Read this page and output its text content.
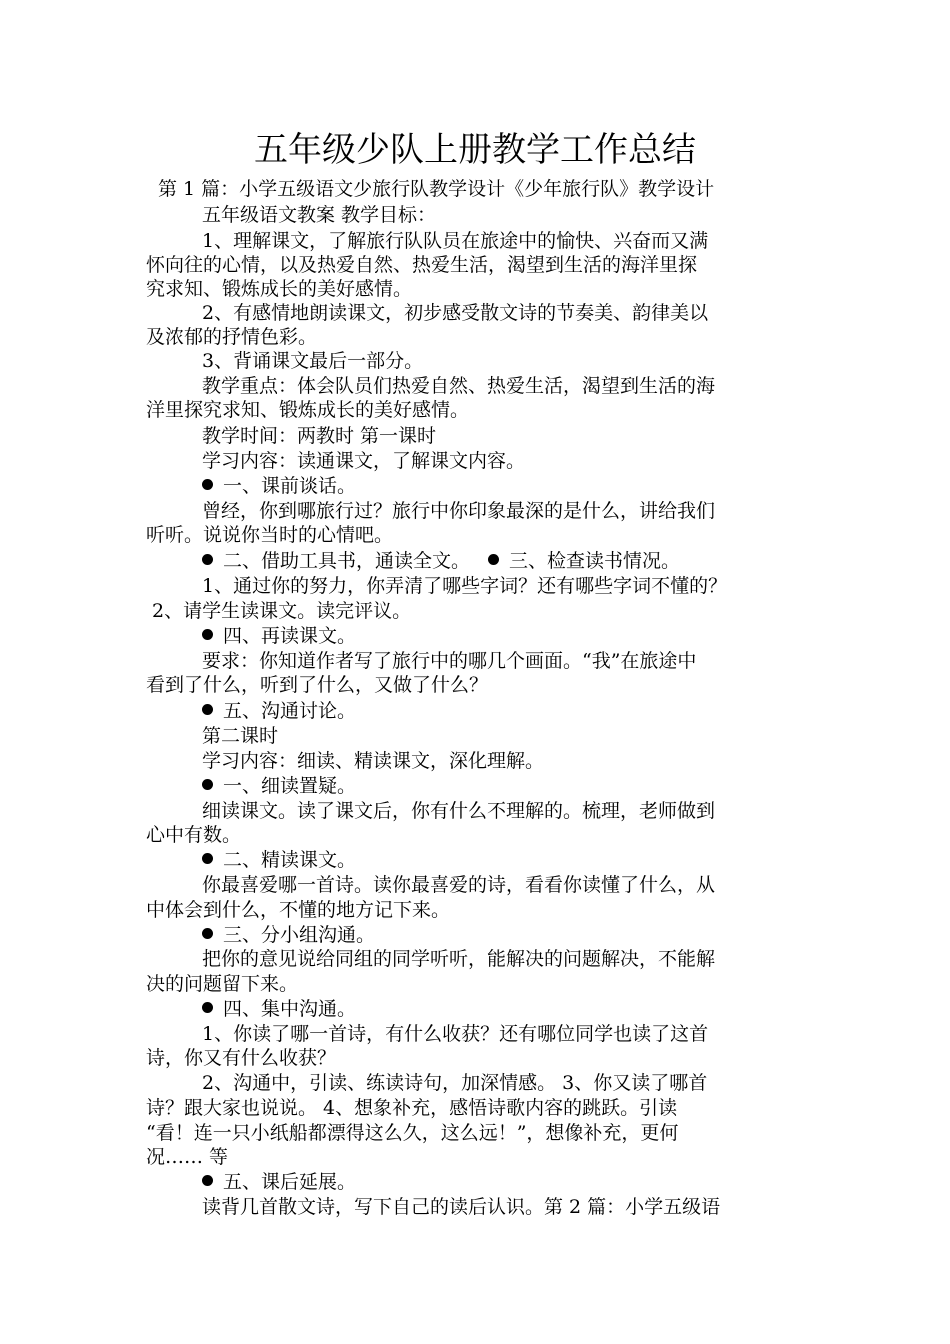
五年级少队上册教学工作总结
第 1 篇：小学五级语文少旅行队教学设计《少年旅行队》教学设计
五年级语文教案 教学目标：
1、理解课文，了解旅行队队员在旅途中的愉快、兴奋而又满
怀向往的心情，以及热爱自然、热爱生活，渴望到生活的海洋里探
究求知、锻炼成长的美好感情。
2、有感情地朗读课文，初步感受散文诗的节奏美、韵律美以
及浓郁的抒情色彩。
3、背诵课文最后一部分。
教学重点：体会队员们热爱自然、热爱生活，渴望到生活的海
洋里探究求知、锻炼成长的美好感情。
教学时间：两教时 第一课时
学习内容：读通课文，了解课文内容。
一、课前谈话。
曾经，你到哪旅行过？旅行中你印象最深的是什么，讲给我们
听听。说说你当时的心情吧。
二、借助工具书，通读全文。 三、检查读书情况。
1、通过你的努力，你弄清了哪些字词？还有哪些字词不懂的？
2、请学生读课文。读完评议。
四、再读课文。
要求：你知道作者写了旅行中的哪几个画面。“我”在旅途中
看到了什么，听到了什么，又做了什么？
五、沟通讨论。
第二课时
学习内容：细读、精读课文，深化理解。
一、细读置疑。
细读课文。读了课文后，你有什么不理解的。梳理，老师做到
心中有数。
二、精读课文。
你最喜爱哪一首诗。读你最喜爱的诗，看看你读懂了什么，从
中体会到什么，不懂的地方记下来。
三、分小组沟通。
把你的意见说给同组的同学听听，能解决的问题解决，不能解
决的问题留下来。
四、集中沟通。
1、你读了哪一首诗，有什么收获？还有哪位同学也读了这首
诗，你又有什么收获？
2、沟通中，引读、练读诗句，加深情感。 3、你又读了哪首
诗？跟大家也说说。 4、想象补充，感悟诗歌内容的跳跃。引读
“看！连一只小纸船都漂得这么久，这么远！”，想像补充，更何
况…… 等
五、课后延展。
读背几首散文诗，写下自己的读后认识。第 2 篇：小学五级语
